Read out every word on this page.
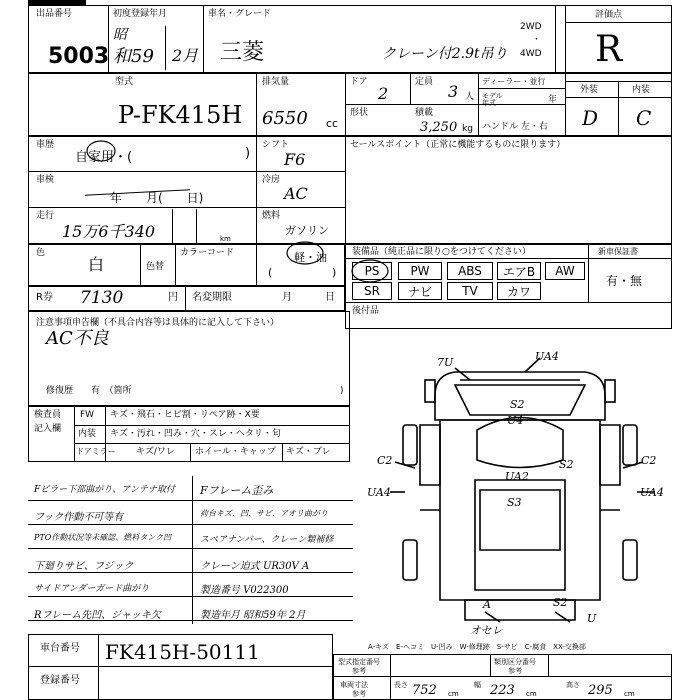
出品番号
5003
初度登録年月
昭
和59 2月
車名・グレード
三菱	クレーン付2.9t吊り
2WD
・
4WD
評価点
R
型式
P-FK415H
排気量
6550 cc
ドア
2
定員 3 人
ディーラー・並行
モデル年式	年
形状	積載
3,250 kg ハンドル 左・右
外装	内装
D C
車歴
自家用・(	)
シフト
F6
セールスポイント（正常に機能するものに限ります）
車検
年　　月(　　日)
冷房
AC
走行
15万6千340	km
燃料
ガソリン
色
白	色替
カラーコード	軽・油
(	)
装備品（純正品に限り○をつけてください）	新車保証書
PS	PW	ABS	エアB	AW
SR	ナビ	TV	カワ
有・無
後付品
R券 7130	円 名変期限	月	日
注意事項申告欄（不具合内容等は具体的に記入して下さい）
AC不良
修復歴　　有　（箇所	)
検査員
記入欄
FW キズ・飛石・ヒビ割・リペア跡・X要
内装 キズ・汚れ・凹み・穴・スレ・ヘタリ・匂
ドアミラー キズ/ワレ ホイール・キャップ キズ・ブレ
Fピラー下部曲がり、アンテナ取付 Fフレーム歪み
フック作動不可等有	荷台キズ、凹、サビ、アオリ曲がり
PTO作動状況等未確認、燃料タンク凹	スペアナンバー、クレーン類補修
下廻りサビ、フジック	クレーン迫式 UR30V A
サイドアンダーガード曲がり	製造番号 V022300
Rフレーム先凹、ジャッキ欠	製造年月 昭和59年 2月
7U	UA4
S2
U4
C2	C2
UA4
UA2
S3
UA4
S2
S2
U
オセレ
A
A-キズ　E-ヘコミ　U-凹み　W-修理跡　S-サビ　C-腐食　XX-交換部
車台番号 FK415H-50111
登録番号
型式指定番号
参考
類別区分番号
参考
車両寸法
参考
長さ 752 cm
幅 223 cm
高さ 295 cm
